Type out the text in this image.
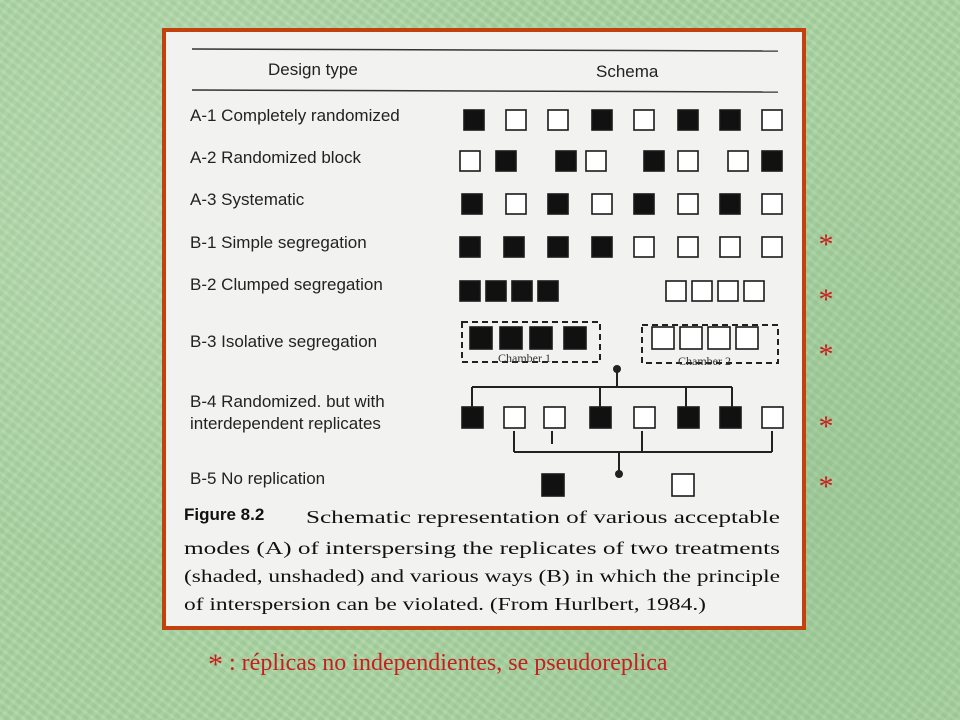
Design type	Schema
A-1 Completely randomized
A-2 Randomized block
A-3 Systematic
B-1 Simple segregation
B-2 Clumped segregation
B-3 Isolative segregation
B-4 Randomized. but with
interdependent replicates
B-5 No replication
Chamber 1	Chamber 2
Figure 8.2 Schematic representation of various acceptable
modes (A) of interspersing the replicates of two treatments
(shaded, unshaded) and various ways (B) in which the principle
of interspersion can be violated. (From Hurlbert, 1984.)
*
*
*
*
*
* : réplicas no independientes, se pseudoreplica
